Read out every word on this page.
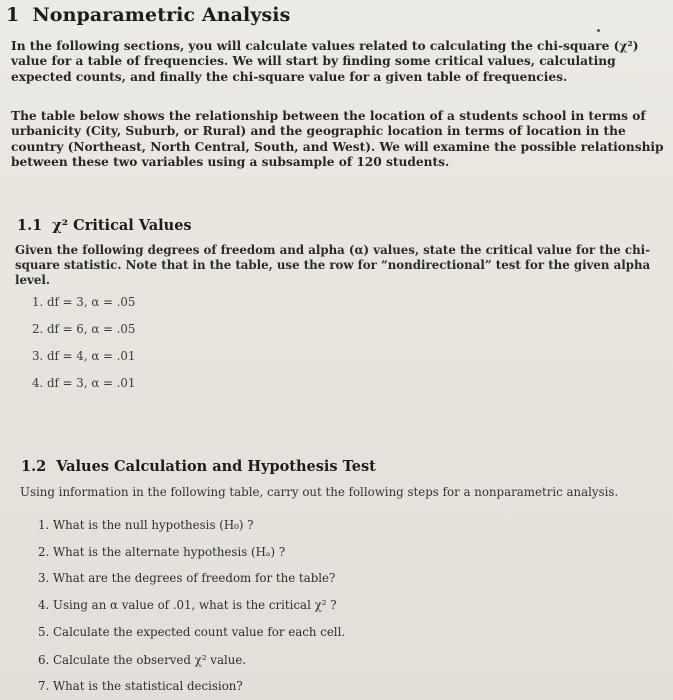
1 Nonparametric Analysis

In the following sections, you will calculate values related to calculating the chi-square (χ²) value for a table of frequencies. We will start by finding some critical values, calculating expected counts, and finally the chi-square value for a given table of frequencies.

The table below shows the relationship between the location of a students school in terms of urbanicity (City, Suburb, or Rural) and the geographic location in terms of location in the country (Northeast, North Central, South, and West). We will examine the possible relationship between these two variables using a subsample of 120 students.

1.1 χ² Critical Values

Given the following degrees of freedom and alpha (α) values, state the critical value for the chi-square statistic. Note that in the table, use the row for “nondirectional” test for the given alpha level.

1. df = 3, α = .05
2. df = 6, α = .05
3. df = 4, α = .01
4. df = 3, α = .01
1.2 Values Calculation and Hypothesis Test

Using information in the following table, carry out the following steps for a nonparametric analysis.

1. What is the null hypothesis (H₀) ?
2. What is the alternate hypothesis (Hₐ) ?
3. What are the degrees of freedom for the table?
4. Using an α value of .01, what is the critical χ² ?
5. Calculate the expected count value for each cell.
6. Calculate the observed χ² value.
7. What is the statistical decision?
